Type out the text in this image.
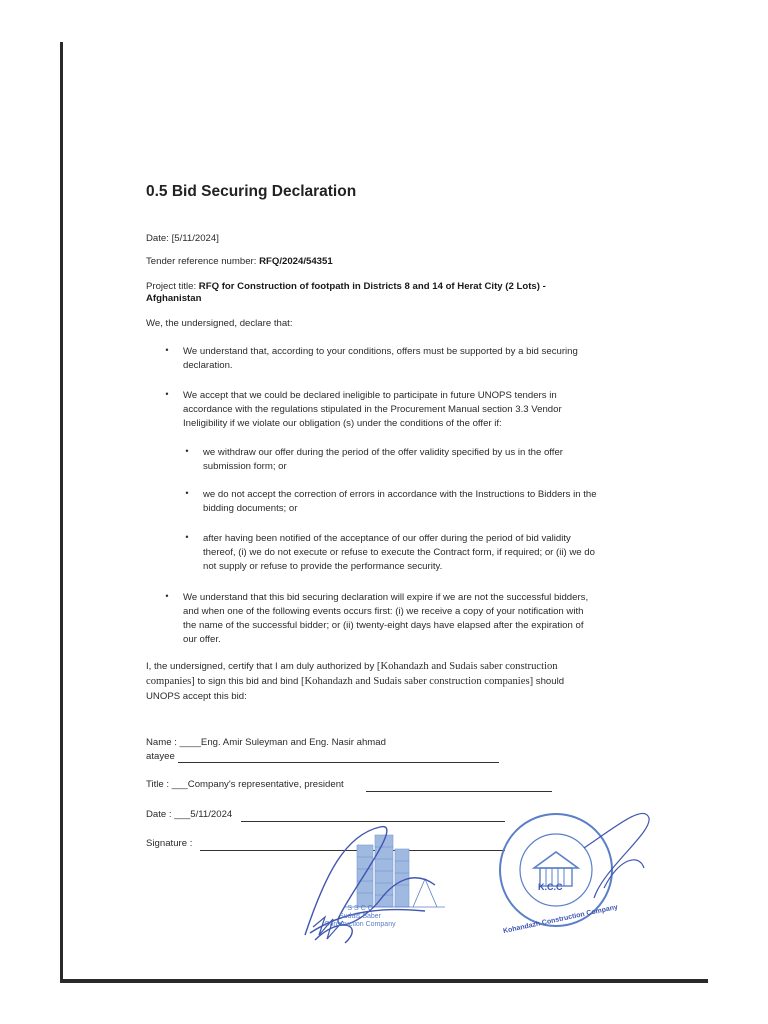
0.5 Bid Securing Declaration
Date: [5/11/2024]
Tender reference number: RFQ/2024/54351
Project title: RFQ for Construction of footpath in Districts 8 and 14 of Herat City (2 Lots) -
Afghanistan
We, the undersigned, declare that:
•	We understand that, according to your conditions, offers must be supported by a bid securing
declaration.
•	We accept that we could be declared ineligible to participate in future UNOPS tenders in
accordance with the regulations stipulated in the Procurement Manual section 3.3 Vendor
Ineligibility if we violate our obligation (s) under the conditions of the offer if:
•	we withdraw our offer during the period of the offer validity specified by us in the offer
submission form; or
•	we do not accept the correction of errors in accordance with the Instructions to Bidders in the
bidding documents; or
•	after having been notified of the acceptance of our offer during the period of bid validity
thereof, (i) we do not execute or refuse to execute the Contract form, if required; or (ii) we do
not supply or refuse to provide the performance security.
•	We understand that this bid securing declaration will expire if we are not the successful bidders,
and when one of the following events occurs first: (i) we receive a copy of your notification with
the name of the successful bidder; or (ii) twenty-eight days have elapsed after the expiration of
our offer.
I, the undersigned, certify that I am duly authorized by [Kohandazh and Sudais saber construction
companies] to sign this bid and bind [Kohandazh and Sudais saber construction companies] should
UNOPS accept this bid:
Name : ____Eng. Amir Suleyman and Eng. Nasir ahmad
atayee
Title : ___Company's representative, president
Date : ___5/11/2024
Signature :
S S C C
Sudais Saber
Construction Company
K.C.C
Kohandazh Construction Company
